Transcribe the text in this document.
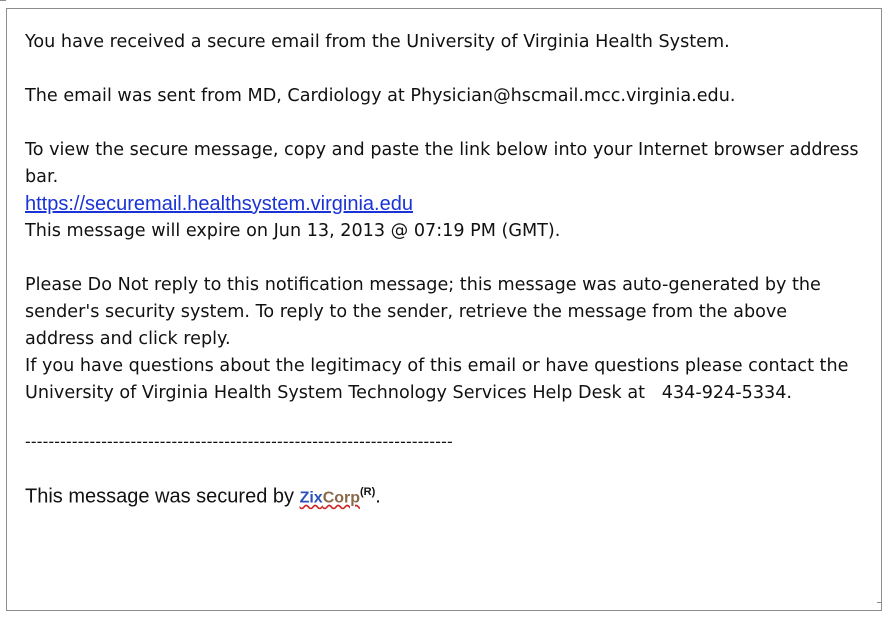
You have received a secure email from the University of Virginia Health System.
The email was sent from MD, Cardiology at Physician@hscmail.mcc.virginia.edu.
To view the secure message, copy and paste the link below into your Internet browser address bar.
https://securemail.healthsystem.virginia.edu
This message will expire on Jun 13, 2013 @ 07:19 PM (GMT).
Please Do Not reply to this notification message; this message was auto-generated by the sender's security system. To reply to the sender, retrieve the message from the above address and click reply.
If you have questions about the legitimacy of this email or have questions please contact the University of Virginia Health System Technology Services Help Desk at   434-924-5334.
-------------------------------------------------------------------------
This message was secured by ZixCorp$^{(R)}$.
